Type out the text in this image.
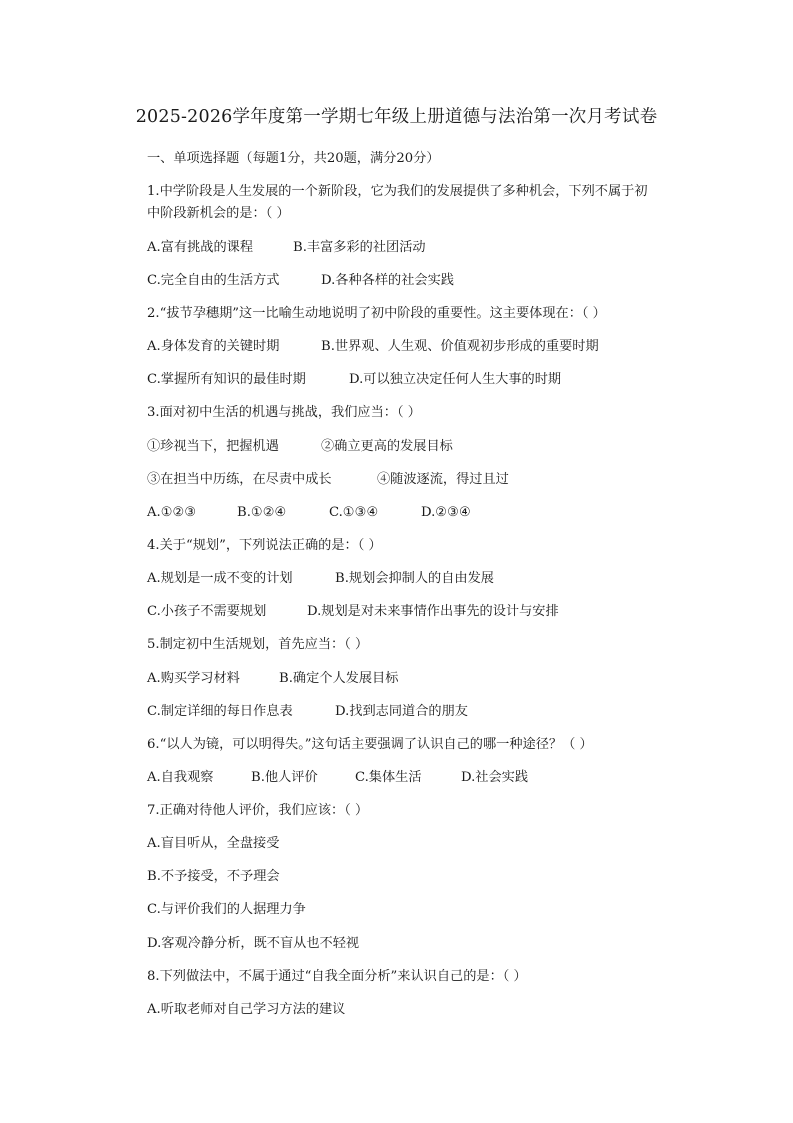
2025-2026学年度第一学期七年级上册道德与法治第一次月考试卷
一、单项选择题（每题1分，共20题，满分20分）
1.中学阶段是人生发展的一个新阶段，它为我们的发展提供了多种机会，下列不属于初
中阶段新机会的是：（ ）
A.富有挑战的课程	B.丰富多彩的社团活动
C.完全自由的生活方式	D.各种各样的社会实践
2.“拔节孕穗期”这一比喻生动地说明了初中阶段的重要性。这主要体现在：（ ）
A.身体发育的关键时期	B.世界观、人生观、价值观初步形成的重要时期
C.掌握所有知识的最佳时期	D.可以独立决定任何人生大事的时期
3.面对初中生活的机遇与挑战，我们应当：（ ）
①珍视当下，把握机遇	②确立更高的发展目标
③在担当中历练，在尽责中成长	④随波逐流，得过且过
A.①②③	B.①②④	C.①③④	D.②③④
4.关于“规划”，下列说法正确的是：（ ）
A.规划是一成不变的计划	B.规划会抑制人的自由发展
C.小孩子不需要规划	D.规划是对未来事情作出事先的设计与安排
5.制定初中生活规划，首先应当：（ ）
A.购买学习材料	B.确定个人发展目标
C.制定详细的每日作息表	D.找到志同道合的朋友
6.“以人为镜，可以明得失。”这句话主要强调了认识自己的哪一种途径？（ ）
A.自我观察	B.他人评价	C.集体生活	D.社会实践
7.正确对待他人评价，我们应该：（ ）
A.盲目听从，全盘接受
B.不予接受，不予理会
C.与评价我们的人据理力争
D.客观冷静分析，既不盲从也不轻视
8.下列做法中，不属于通过“自我全面分析”来认识自己的是：（ ）
A.听取老师对自己学习方法的建议
